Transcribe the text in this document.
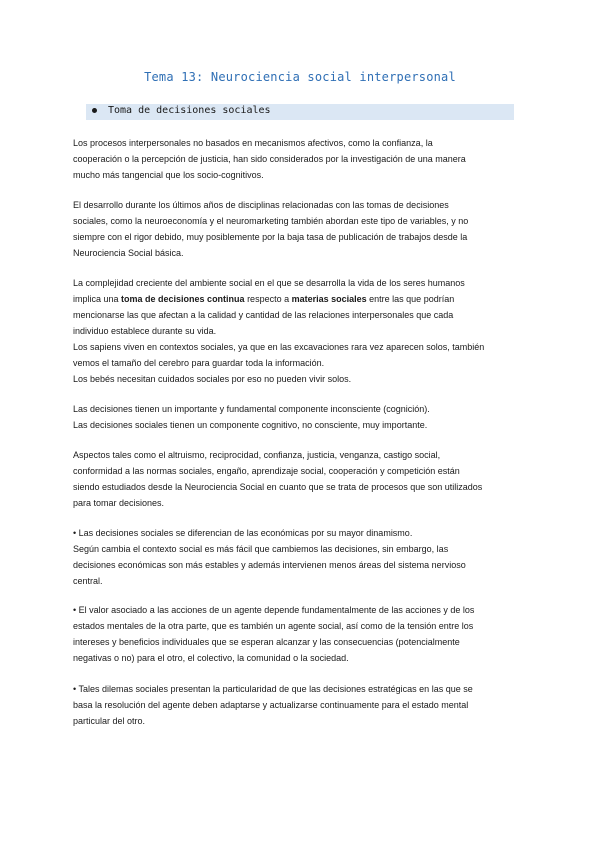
Tema 13: Neurociencia social interpersonal
Toma de decisiones sociales

Los procesos interpersonales no basados en mecanismos afectivos, como la confianza, la
cooperación o la percepción de justicia, han sido considerados por la investigación de una manera
mucho más tangencial que los socio-cognitivos.

El desarrollo durante los últimos años de disciplinas relacionadas con las tomas de decisiones
sociales, como la neuroeconomía y el neuromarketing también abordan este tipo de variables, y no
siempre con el rigor debido, muy posiblemente por la baja tasa de publicación de trabajos desde la
Neurociencia Social básica.

La complejidad creciente del ambiente social en el que se desarrolla la vida de los seres humanos
implica una toma de decisiones continua respecto a materias sociales entre las que podrían
mencionarse las que afectan a la calidad y cantidad de las relaciones interpersonales que cada
individuo establece durante su vida.
Los sapiens viven en contextos sociales, ya que en las excavaciones rara vez aparecen solos, también
vemos el tamaño del cerebro para guardar toda la información.
Los bebés necesitan cuidados sociales por eso no pueden vivir solos.

Las decisiones tienen un importante y fundamental componente inconsciente (cognición).
Las decisiones sociales tienen un componente cognitivo, no consciente, muy importante.

Aspectos tales como el altruismo, reciprocidad, confianza, justicia, venganza, castigo social,
conformidad a las normas sociales, engaño, aprendizaje social, cooperación y competición están
siendo estudiados desde la Neurociencia Social en cuanto que se trata de procesos que son utilizados
para tomar decisiones.

• Las decisiones sociales se diferencian de las económicas por su mayor dinamismo.
Según cambia el contexto social es más fácil que cambiemos las decisiones, sin embargo, las
decisiones económicas son más estables y además intervienen menos áreas del sistema nervioso
central.

• El valor asociado a las acciones de un agente depende fundamentalmente de las acciones y de los
estados mentales de la otra parte, que es también un agente social, así como de la tensión entre los
intereses y beneficios individuales que se esperan alcanzar y las consecuencias (potencialmente
negativas o no) para el otro, el colectivo, la comunidad o la sociedad.

• Tales dilemas sociales presentan la particularidad de que las decisiones estratégicas en las que se
basa la resolución del agente deben adaptarse y actualizarse continuamente para el estado mental
particular del otro.
